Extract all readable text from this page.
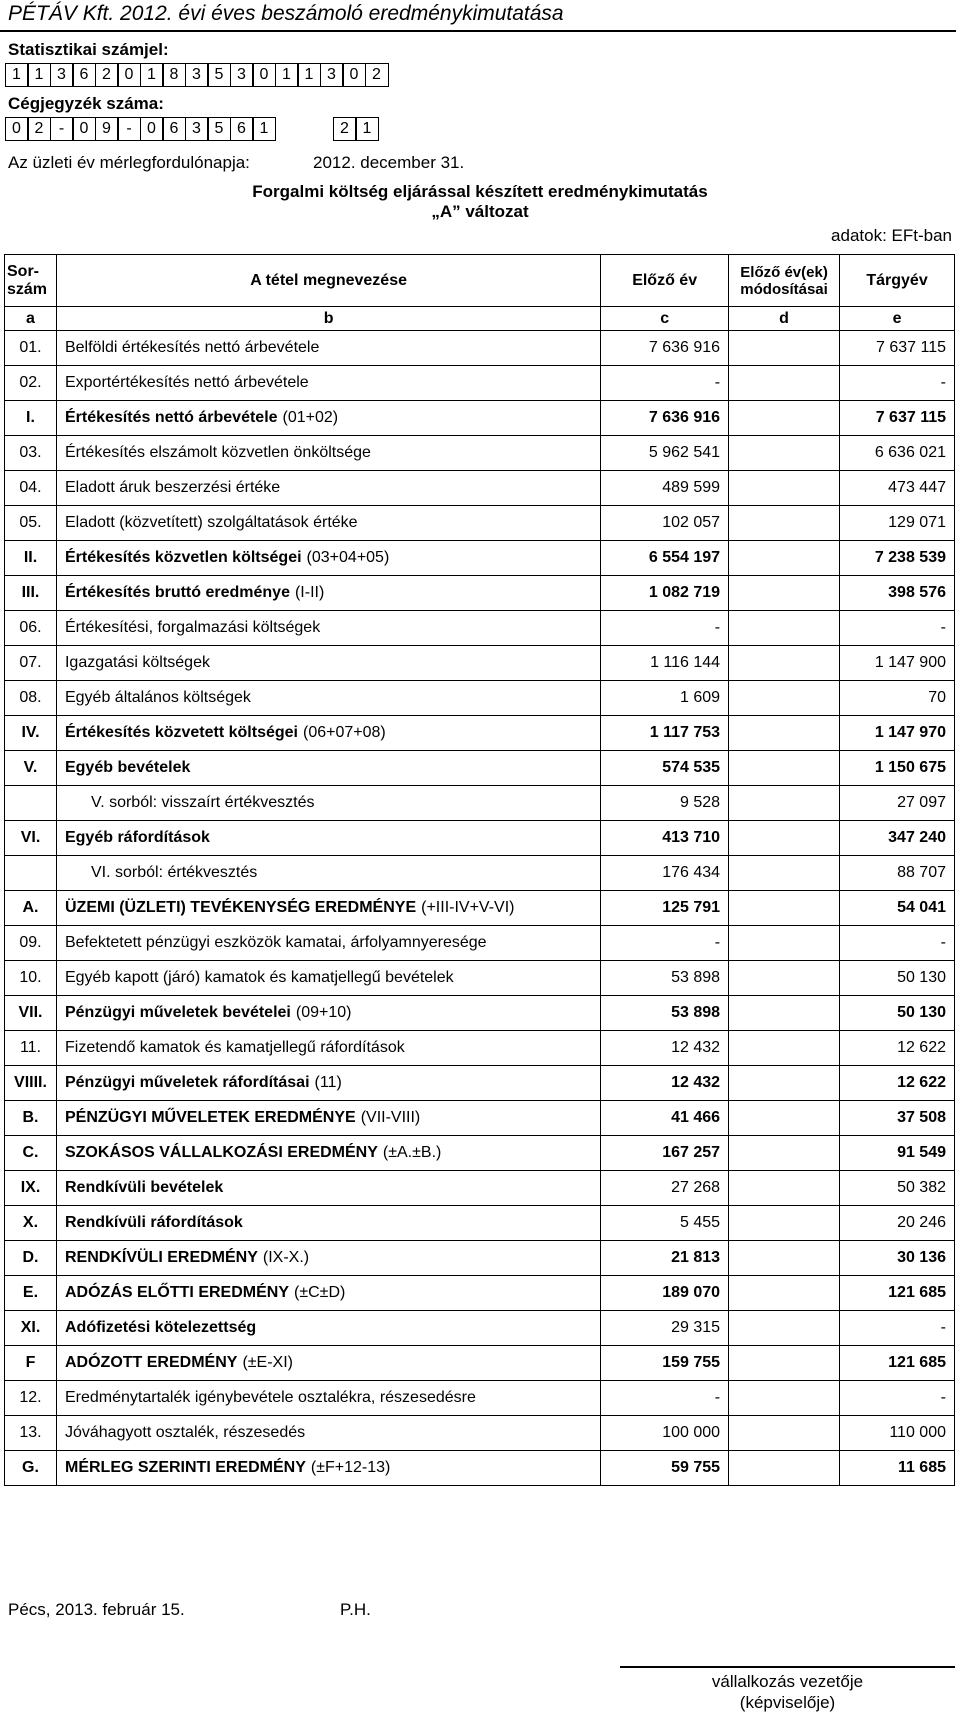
PÉTÁV Kft. 2012. évi éves beszámoló eredménykimutatása
Statisztikai számjel:
1 1 3 6 2 0 1 8 3 5 3 0 1 1 3 0 2
Cégjegyzék száma:
0 2 - 0 9 - 0 6 3 5 6 1	2 1
Az üzleti év mérlegfordulónapja:	2012. december 31.
Forgalmi költség eljárással készített eredménykimutatás
„A” változat
adatok: EFt-ban
Sor- szám	A tétel megnevezése	Előző év	Előző év(ek) módosításai	Tárgyév
a	b	c	d	e
01.	Belföldi értékesítés nettó árbevétele	7 636 916		7 637 115
02.	Exportértékesítés nettó árbevétele	-		-
I.	Értékesítés nettó árbevétele (01+02)	7 636 916		7 637 115
03.	Értékesítés elszámolt közvetlen önköltsége	5 962 541		6 636 021
04.	Eladott áruk beszerzési értéke	489 599		473 447
05.	Eladott (közvetített) szolgáltatások értéke	102 057		129 071
II.	Értékesítés közvetlen költségei (03+04+05)	6 554 197		7 238 539
III.	Értékesítés bruttó eredménye (I-II)	1 082 719		398 576
06.	Értékesítési, forgalmazási költségek	-		-
07.	Igazgatási költségek	1 116 144		1 147 900
08.	Egyéb általános költségek	1 609		70
IV.	Értékesítés közvetett költségei (06+07+08)	1 117 753		1 147 970
V.	Egyéb bevételek	574 535		1 150 675
	V. sorból: visszaírt értékvesztés	9 528		27 097
VI.	Egyéb ráfordítások	413 710		347 240
	VI. sorból: értékvesztés	176 434		88 707
A.	ÜZEMI (ÜZLETI) TEVÉKENYSÉG EREDMÉNYE (+III-IV+V-VI)	125 791		54 041
09.	Befektetett pénzügyi eszközök kamatai, árfolyamnyeresége	-		-
10.	Egyéb kapott (járó) kamatok és kamatjellegű bevételek	53 898		50 130
VII.	Pénzügyi műveletek bevételei (09+10)	53 898		50 130
11.	Fizetendő kamatok és kamatjellegű ráfordítások	12 432		12 622
VIIII.	Pénzügyi műveletek ráfordításai (11)	12 432		12 622
B.	PÉNZÜGYI MŰVELETEK EREDMÉNYE (VII-VIII)	41 466		37 508
C.	SZOKÁSOS VÁLLALKOZÁSI EREDMÉNY (±A.±B.)	167 257		91 549
IX.	Rendkívüli bevételek	27 268		50 382
X.	Rendkívüli ráfordítások	5 455		20 246
D.	RENDKÍVÜLI EREDMÉNY (IX-X.)	21 813		30 136
E.	ADÓZÁS ELŐTTI EREDMÉNY (±C±D)	189 070		121 685
XI.	Adófizetési kötelezettség	29 315		-
F	ADÓZOTT EREDMÉNY (±E-XI)	159 755		121 685
12.	Eredménytartalék igénybevétele osztalékra, részesedésre	-		-
13.	Jóváhagyott osztalék, részesedés	100 000		110 000
G.	MÉRLEG SZERINTI EREDMÉNY (±F+12-13)	59 755		11 685
Pécs, 2013. február 15.	P.H.
vállalkozás vezetője
(képviselője)
